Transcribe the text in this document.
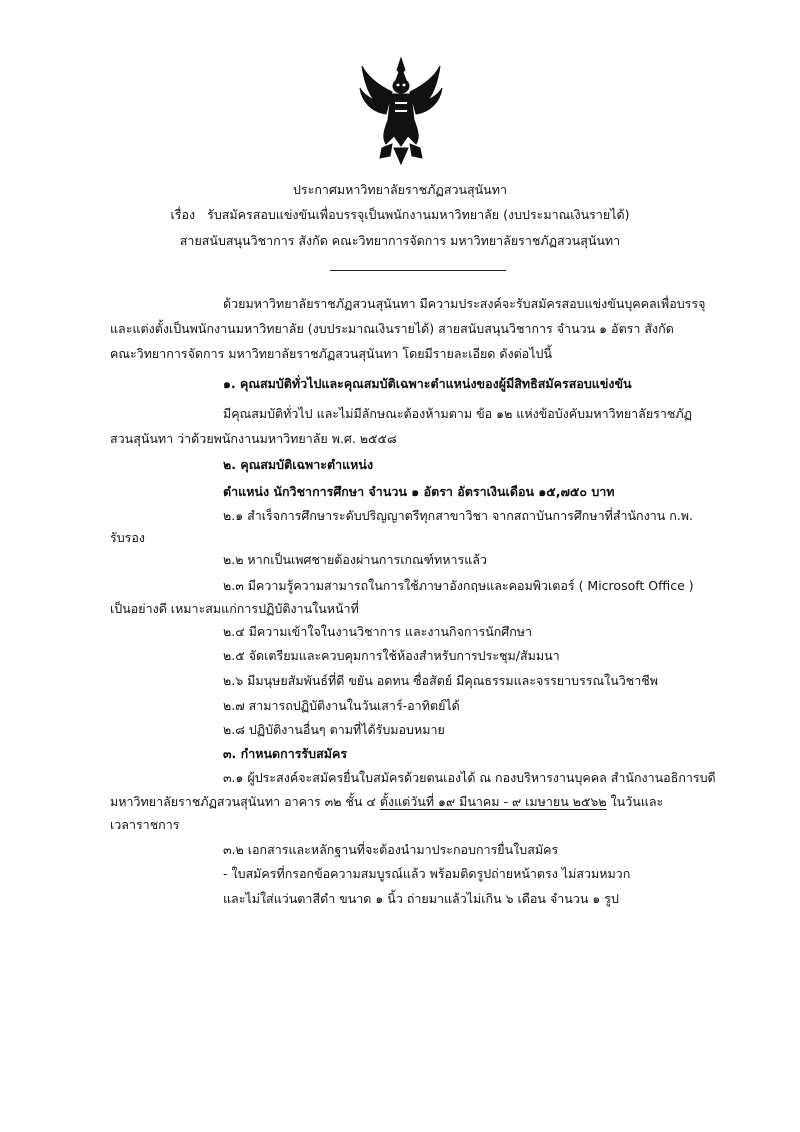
ประกาศมหาวิทยาลัยราชภัฏสวนสุนันทา
เรื่อง รับสมัครสอบแข่งขันเพื่อบรรจุเป็นพนักงานมหาวิทยาลัย (งบประมาณเงินรายได้)
สายสนับสนุนวิชาการ สังกัด คณะวิทยาการจัดการ มหาวิทยาลัยราชภัฏสวนสุนันทา
ด้วยมหาวิทยาลัยราชภัฏสวนสุนันทา มีความประสงค์จะรับสมัครสอบแข่งขันบุคคลเพื่อบรรจุ
และแต่งตั้งเป็นพนักงานมหาวิทยาลัย (งบประมาณเงินรายได้) สายสนับสนุนวิชาการ จำนวน ๑ อัตรา สังกัด
คณะวิทยาการจัดการ มหาวิทยาลัยราชภัฏสวนสุนันทา โดยมีรายละเอียด ดังต่อไปนี้
๑. คุณสมบัติทั่วไปและคุณสมบัติเฉพาะตำแหน่งของผู้มีสิทธิสมัครสอบแข่งขัน
มีคุณสมบัติทั่วไป และไม่มีลักษณะต้องห้ามตาม ข้อ ๑๒ แห่งข้อบังคับมหาวิทยาลัยราชภัฏ
สวนสุนันทา ว่าด้วยพนักงานมหาวิทยาลัย พ.ศ. ๒๕๕๘
๒. คุณสมบัติเฉพาะตำแหน่ง
ตำแหน่ง นักวิชาการศึกษา จำนวน ๑ อัตรา อัตราเงินเดือน ๑๕,๗๕๐ บาท
๒.๑ สำเร็จการศึกษาระดับปริญญาตรีทุกสาขาวิชา จากสถาบันการศึกษาที่สำนักงาน ก.พ.
รับรอง
๒.๒ หากเป็นเพศชายต้องผ่านการเกณฑ์ทหารแล้ว
๒.๓ มีความรู้ความสามารถในการใช้ภาษาอังกฤษและคอมพิวเตอร์ ( Microsoft Office )
เป็นอย่างดี เหมาะสมแก่การปฏิบัติงานในหน้าที่
๒.๔ มีความเข้าใจในงานวิชาการ และงานกิจการนักศึกษา
๒.๕ จัดเตรียมและควบคุมการใช้ห้องสำหรับการประชุม/สัมมนา
๒.๖ มีมนุษยสัมพันธ์ที่ดี ขยัน อดทน ซื่อสัตย์ มีคุณธรรมและจรรยาบรรณในวิชาชีพ
๒.๗ สามารถปฏิบัติงานในวันเสาร์-อาทิตย์ได้
๒.๘ ปฏิบัติงานอื่นๆ ตามที่ได้รับมอบหมาย
๓. กำหนดการรับสมัคร
๓.๑ ผู้ประสงค์จะสมัครยื่นใบสมัครด้วยตนเองได้ ณ กองบริหารงานบุคคล สำนักงานอธิการบดี
มหาวิทยาลัยราชภัฏสวนสุนันทา อาคาร ๓๒ ชั้น ๔ ตั้งแต่วันที่ ๑๙ มีนาคม - ๙ เมษายน ๒๕๖๒ ในวันและ
เวลาราชการ
๓.๒ เอกสารและหลักฐานที่จะต้องนำมาประกอบการยื่นใบสมัคร
- ใบสมัครที่กรอกข้อความสมบูรณ์แล้ว พร้อมติดรูปถ่ายหน้าตรง ไม่สวมหมวก
และไม่ใส่แว่นตาสีดำ ขนาด ๑ นิ้ว ถ่ายมาแล้วไม่เกิน ๖ เดือน จำนวน ๑ รูป
